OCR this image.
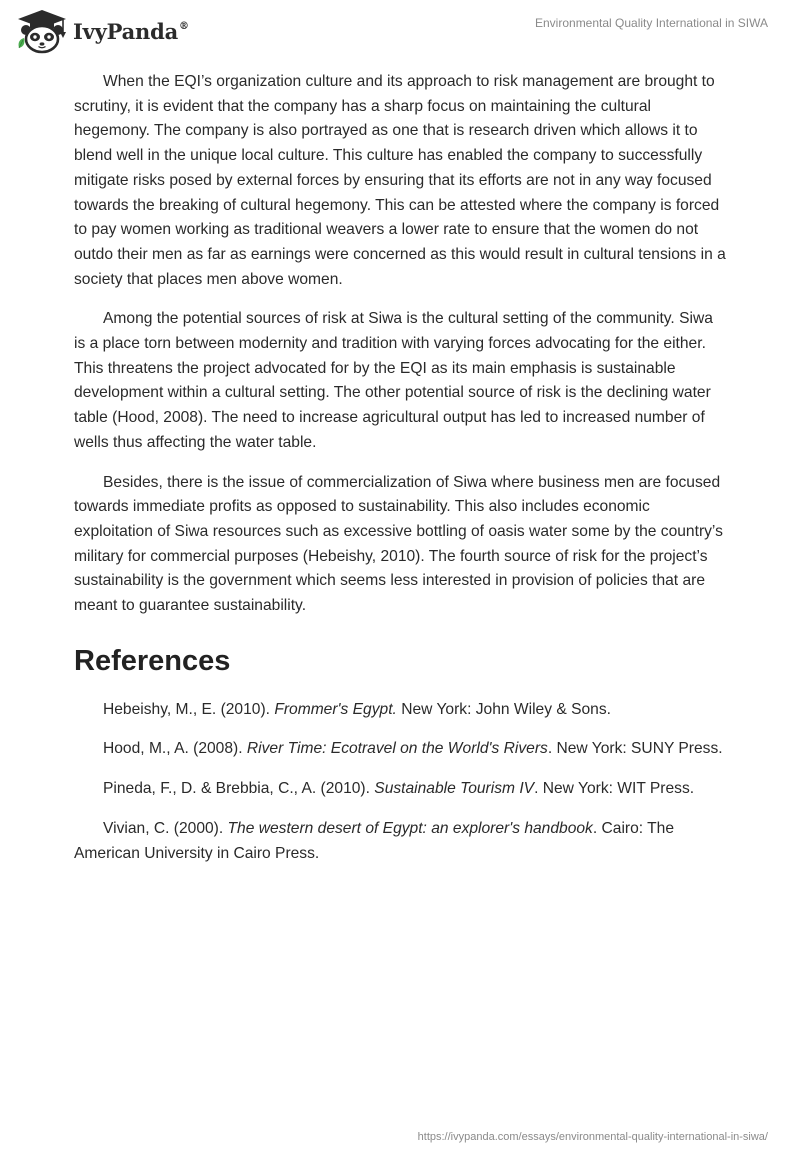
IvyPanda®	Environmental Quality International in SIWA

When the EQI’s organization culture and its approach to risk management are brought to scrutiny, it is evident that the company has a sharp focus on maintaining the cultural hegemony. The company is also portrayed as one that is research driven which allows it to blend well in the unique local culture. This culture has enabled the company to successfully mitigate risks posed by external forces by ensuring that its efforts are not in any way focused towards the breaking of cultural hegemony. This can be attested where the company is forced to pay women working as traditional weavers a lower rate to ensure that the women do not outdo their men as far as earnings were concerned as this would result in cultural tensions in a society that places men above women.

Among the potential sources of risk at Siwa is the cultural setting of the community. Siwa is a place torn between modernity and tradition with varying forces advocating for the either. This threatens the project advocated for by the EQI as its main emphasis is sustainable development within a cultural setting. The other potential source of risk is the declining water table (Hood, 2008). The need to increase agricultural output has led to increased number of wells thus affecting the water table.

Besides, there is the issue of commercialization of Siwa where business men are focused towards immediate profits as opposed to sustainability. This also includes economic exploitation of Siwa resources such as excessive bottling of oasis water some by the country’s military for commercial purposes (Hebeishy, 2010). The fourth source of risk for the project’s sustainability is the government which seems less interested in provision of policies that are meant to guarantee sustainability.

References

Hebeishy, M., E. (2010). Frommer's Egypt. New York: John Wiley & Sons.

Hood, M., A. (2008). River Time: Ecotravel on the World's Rivers. New York: SUNY Press.

Pineda, F., D. & Brebbia, C., A. (2010). Sustainable Tourism IV. New York: WIT Press.

Vivian, C. (2000). The western desert of Egypt: an explorer's handbook. Cairo: The American University in Cairo Press.

https://ivypanda.com/essays/environmental-quality-international-in-siwa/
